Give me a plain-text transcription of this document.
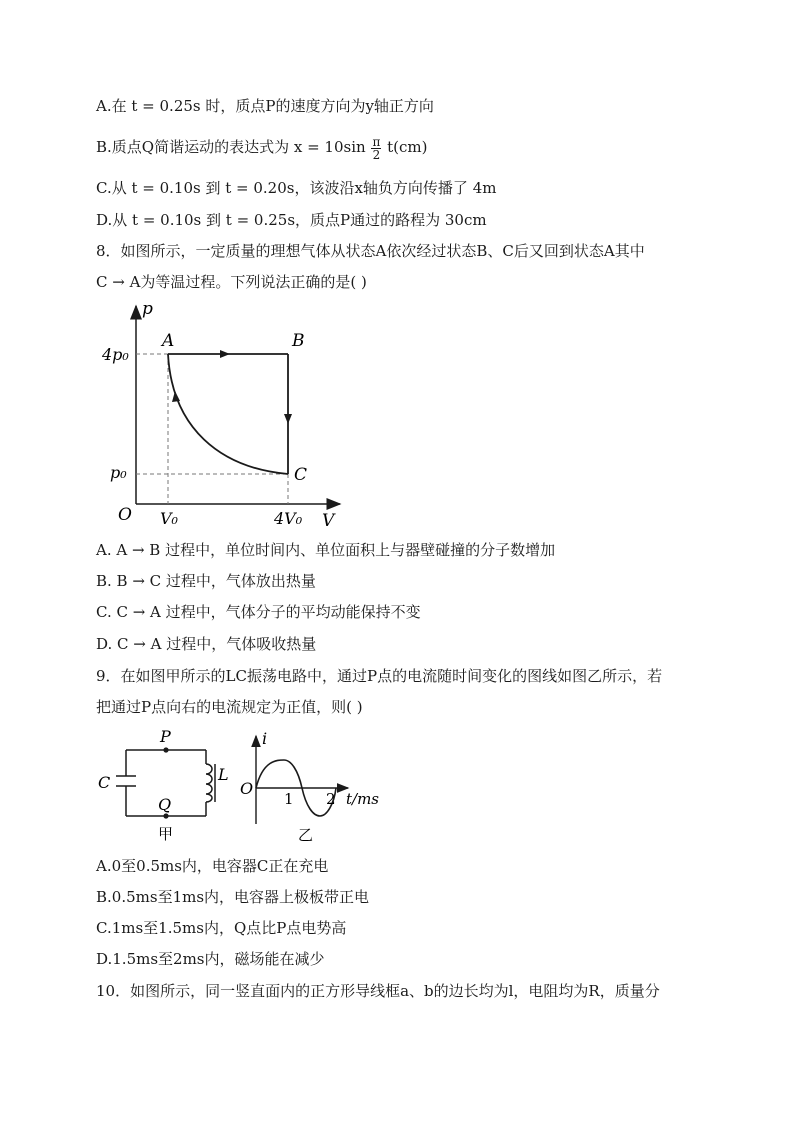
A.在 t = 0.25s 时，质点P的速度方向为y轴正方向
B.质点Q简谐运动的表达式为 $x = 10\sin \frac{\pi}{2} t(cm)$
C.从 t = 0.10s 到 t = 0.20s，该波沿x轴负方向传播了 4m
D.从 t = 0.10s 到 t = 0.25s，质点P通过的路程为 30cm
8．如图所示，一定质量的理想气体从状态A依次经过状态B、C后又回到状态A其中
C → A为等温过程。下列说法正确的是( )
p
V
O
4p₀
p₀
V₀	4V₀
A	B
C
A. A → B 过程中，单位时间内、单位面积上与器壁碰撞的分子数增加
B. B → C 过程中，气体放出热量
C. C → A 过程中，气体分子的平均动能保持不变
D. C → A 过程中，气体吸收热量
9．在如图甲所示的LC振荡电路中，通过P点的电流随时间变化的图线如图乙所示，若
把通过P点向右的电流规定为正值，则( )
P
Q
C	L
甲
i
O
1 2 t/ms
乙
A.0至0.5ms内，电容器C正在充电
B.0.5ms至1ms内，电容器上极板带正电
C.1ms至1.5ms内，Q点比P点电势高
D.1.5ms至2ms内，磁场能在减少
10．如图所示，同一竖直面内的正方形导线框a、b的边长均为l，电阻均为R，质量分
